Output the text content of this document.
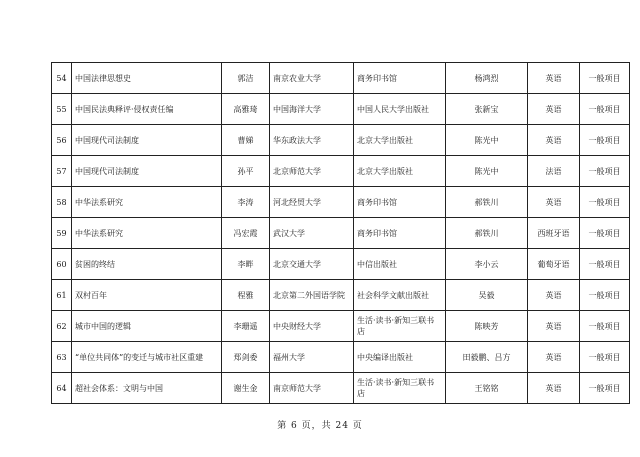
54	中国法律思想史	郭洁	南京农业大学	商务印书馆	杨鸿烈	英语	一般项目
55	中国民法典释评·侵权责任编	高雅琦	中国海洋大学	中国人民大学出版社	张新宝	英语	一般项目
56	中国现代司法制度	曹娣	华东政法大学	北京大学出版社	陈光中	英语	一般项目
57	中国现代司法制度	孙平	北京师范大学	北京大学出版社	陈光中	法语	一般项目
58	中华法系研究	李涛	河北经贸大学	商务印书馆	郝铁川	英语	一般项目
59	中华法系研究	冯宏霞	武汉大学	商务印书馆	郝铁川	西班牙语	一般项目
60	贫困的终结	李畔	北京交通大学	中信出版社	李小云	葡萄牙语	一般项目
61	双村百年	程雅	北京第二外国语学院	社会科学文献出版社	吴毅	英语	一般项目
62	城市中国的逻辑	李珊遥	中央财经大学	生活·读书·新知三联书店	陈映芳	英语	一般项目
63	“单位共同体”的变迁与城市社区重建	郑剑委	福州大学	中央编译出版社	田毅鹏、吕方	英语	一般项目
64	超社会体系：文明与中国	谢生金	南京师范大学	生活·读书·新知三联书店	王铭铭	英语	一般项目
第 6 页，共 24 页
